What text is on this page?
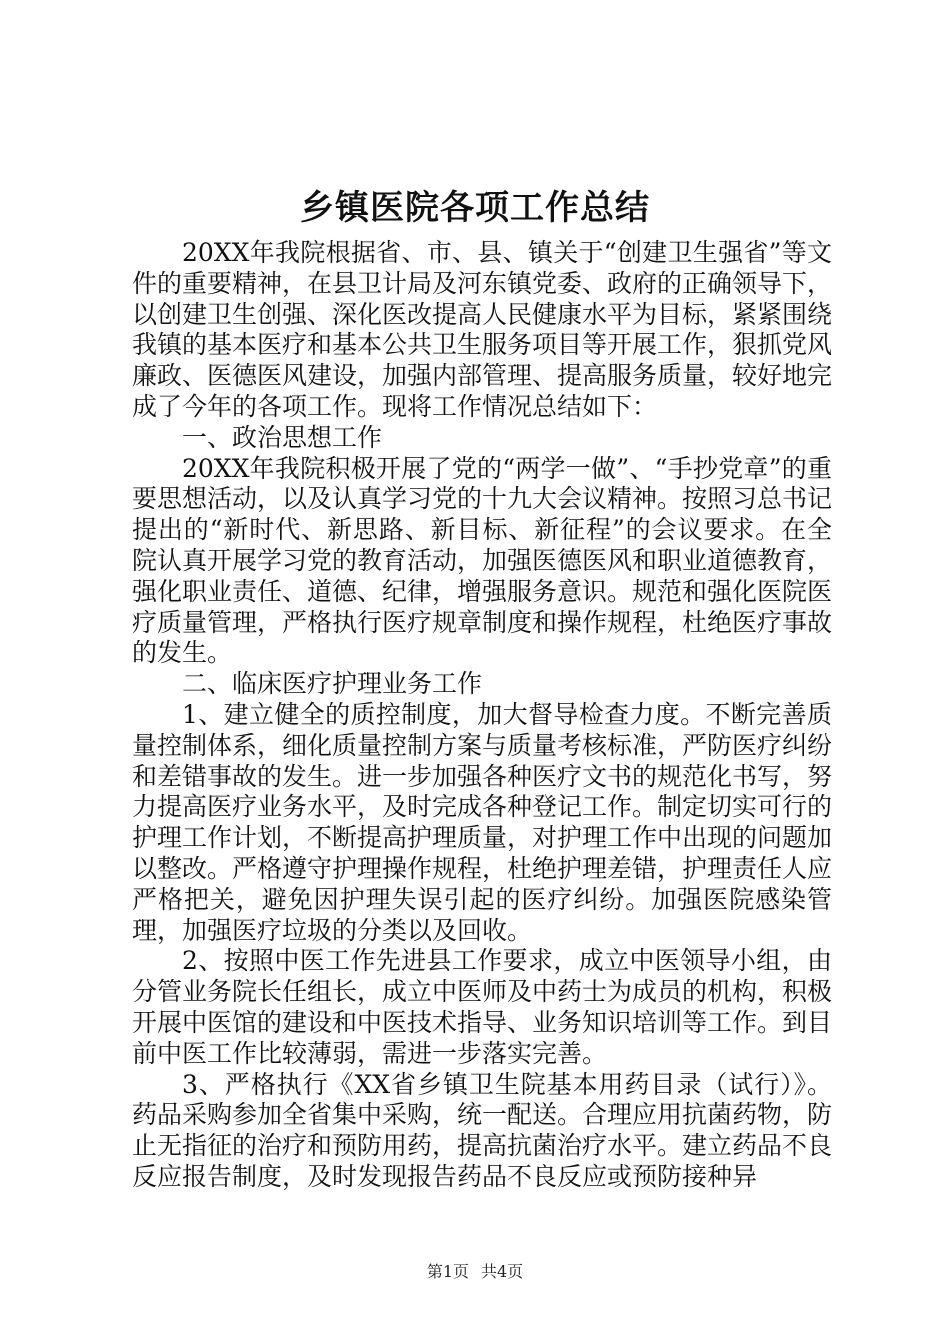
乡镇医院各项工作总结

20XX年我院根据省、市、县、镇关于“创建卫生强省”等文件的重要精神，在县卫计局及河东镇党委、政府的正确领导下，以创建卫生创强、深化医改提高人民健康水平为目标，紧紧围绕我镇的基本医疗和基本公共卫生服务项目等开展工作，狠抓党风廉政、医德医风建设，加强内部管理、提高服务质量，较好地完成了今年的各项工作。现将工作情况总结如下：

一、政治思想工作

20XX年我院积极开展了党的“两学一做”、“手抄党章”的重要思想活动，以及认真学习党的十九大会议精神。按照习总书记提出的“新时代、新思路、新目标、新征程”的会议要求。在全院认真开展学习党的教育活动，加强医德医风和职业道德教育，强化职业责任、道德、纪律，增强服务意识。规范和强化医院医疗质量管理，严格执行医疗规章制度和操作规程，杜绝医疗事故的发生。

二、临床医疗护理业务工作

1、建立健全的质控制度，加大督导检查力度。不断完善质量控制体系，细化质量控制方案与质量考核标准，严防医疗纠纷和差错事故的发生。进一步加强各种医疗文书的规范化书写，努力提高医疗业务水平，及时完成各种登记工作。制定切实可行的护理工作计划，不断提高护理质量，对护理工作中出现的问题加以整改。严格遵守护理操作规程，杜绝护理差错，护理责任人应严格把关，避免因护理失误引起的医疗纠纷。加强医院感染管理，加强医疗垃圾的分类以及回收。

2、按照中医工作先进县工作要求，成立中医领导小组，由分管业务院长任组长，成立中医师及中药士为成员的机构，积极开展中医馆的建设和中医技术指导、业务知识培训等工作。到目前中医工作比较薄弱，需进一步落实完善。

3、严格执行《XX省乡镇卫生院基本用药目录（试行）》。药品采购参加全省集中采购，统一配送。合理应用抗菌药物，防止无指征的治疗和预防用药，提高抗菌治疗水平。建立药品不良反应报告制度，及时发现报告药品不良反应或预防接种异

第1页 共4页
